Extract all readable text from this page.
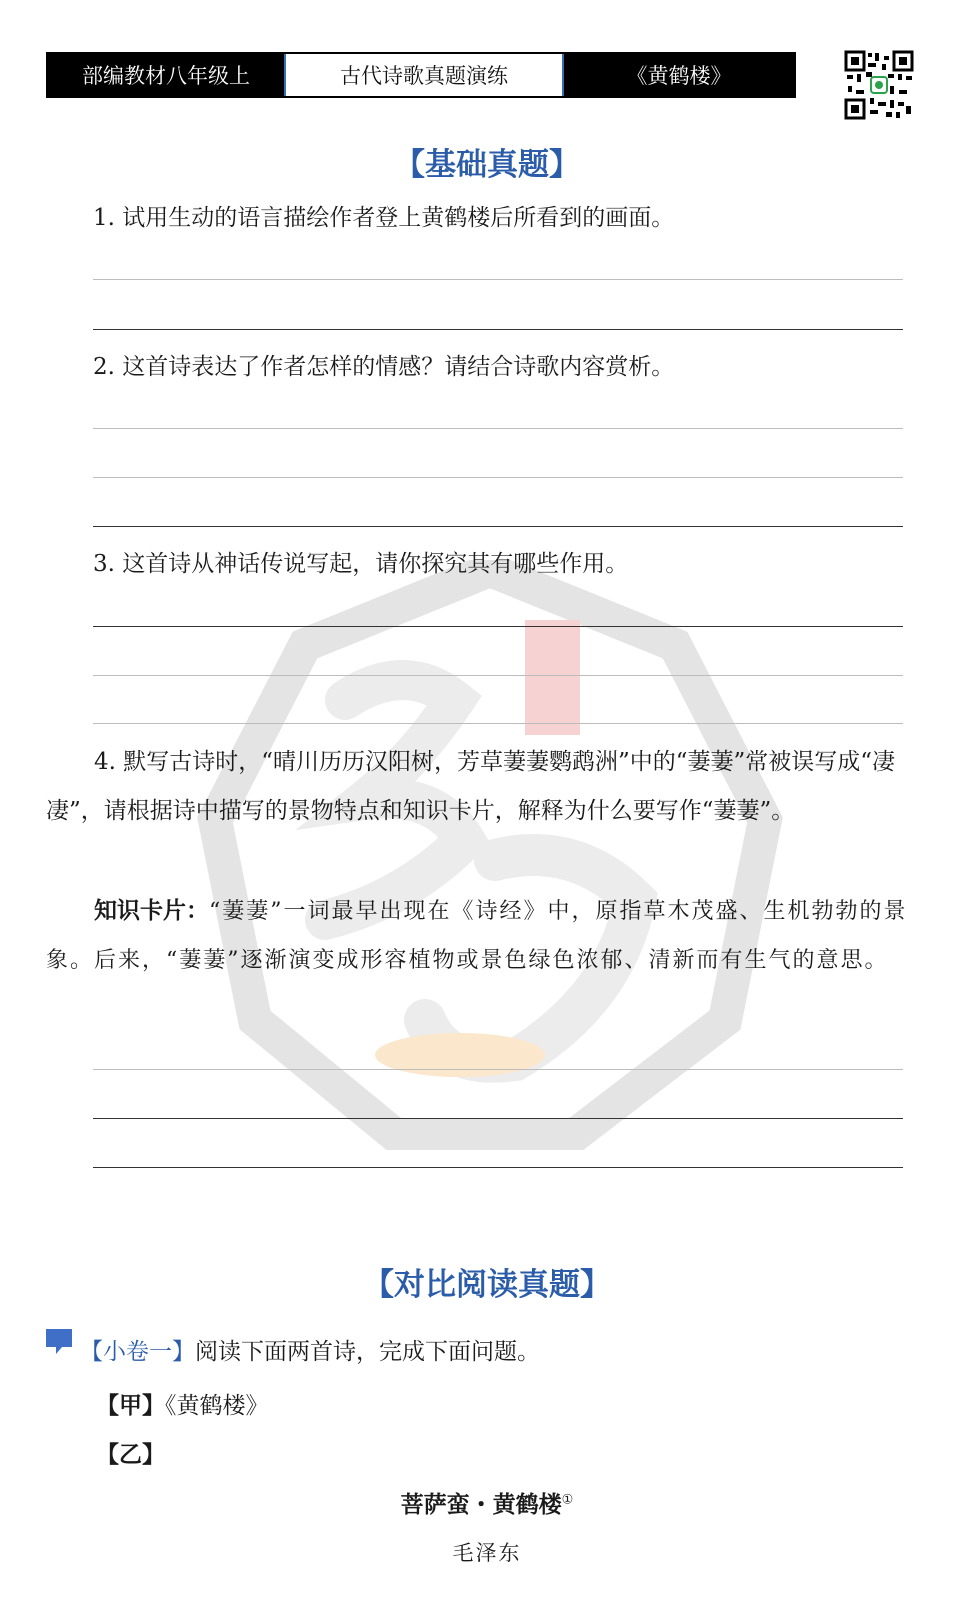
部编教材八年级上	古代诗歌真题演练	《黄鹤楼》
【基础真题】
1. 试用生动的语言描绘作者登上黄鹤楼后所看到的画面。
2. 这首诗表达了作者怎样的情感？请结合诗歌内容赏析。
3. 这首诗从神话传说写起，请你探究其有哪些作用。
4. 默写古诗时，“晴川历历汉阳树，芳草萋萋鹦鹉洲”中的“萋萋”常被误写成“凄凄”，请根据诗中描写的景物特点和知识卡片，解释为什么要写作“萋萋”。
知识卡片：“萋萋”一词最早出现在《诗经》中，原指草木茂盛、生机勃勃的景象。后来，“萋萋”逐渐演变成形容植物或景色绿色浓郁、清新而有生气的意思。
【对比阅读真题】
【小卷一】阅读下面两首诗，完成下面问题。
【甲】《黄鹤楼》
【乙】
菩萨蛮・黄鹤楼①
毛泽东
